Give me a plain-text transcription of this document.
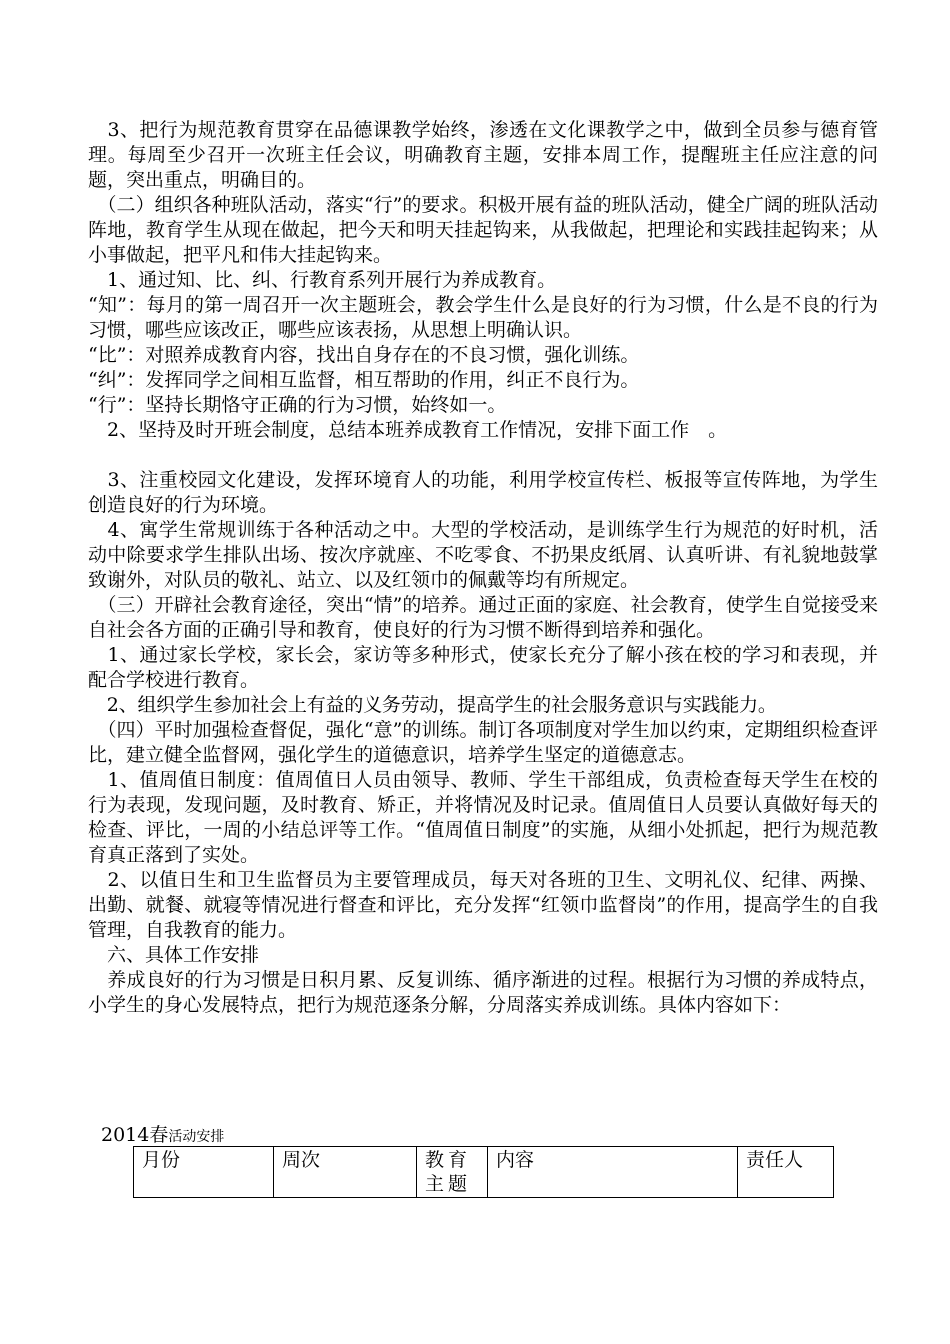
　3、把行为规范教育贯穿在品德课教学始终，渗透在文化课教学之中，做到全员参与德育管理。每周至少召开一次班主任会议，明确教育主题，安排本周工作，提醒班主任应注意的问题，突出重点，明确目的。

　（二）组织各种班队活动，落实“行”的要求。积极开展有益的班队活动，健全广阔的班队活动阵地，教育学生从现在做起，把今天和明天挂起钩来，从我做起，把理论和实践挂起钩来；从小事做起，把平凡和伟大挂起钩来。

　1、通过知、比、纠、行教育系列开展行为养成教育。

“知”：每月的第一周召开一次主题班会，教会学生什么是良好的行为习惯，什么是不良的行为习惯，哪些应该改正，哪些应该表扬，从思想上明确认识。

“比”：对照养成教育内容，找出自身存在的不良习惯，强化训练。

“纠”：发挥同学之间相互监督，相互帮助的作用，纠正不良行为。

“行”：坚持长期恪守正确的行为习惯，始终如一。

　2、坚持及时开班会制度，总结本班养成教育工作情况，安排下面工作　。

　3、注重校园文化建设，发挥环境育人的功能，利用学校宣传栏、板报等宣传阵地，为学生创造良好的行为环境。

　4、寓学生常规训练于各种活动之中。大型的学校活动，是训练学生行为规范的好时机，活动中除要求学生排队出场、按次序就座、不吃零食、不扔果皮纸屑、认真听讲、有礼貌地鼓掌致谢外，对队员的敬礼、站立、以及红领巾的佩戴等均有所规定。

　（三）开辟社会教育途径，突出“情”的培养。通过正面的家庭、社会教育，使学生自觉接受来自社会各方面的正确引导和教育，使良好的行为习惯不断得到培养和强化。

　1、通过家长学校，家长会，家访等多种形式，使家长充分了解小孩在校的学习和表现，并配合学校进行教育。

　2、组织学生参加社会上有益的义务劳动，提高学生的社会服务意识与实践能力。

　（四）平时加强检查督促，强化“意”的训练。制订各项制度对学生加以约束，定期组织检查评比，建立健全监督网，强化学生的道德意识，培养学生坚定的道德意志。

　1、值周值日制度：值周值日人员由领导、教师、学生干部组成，负责检查每天学生在校的行为表现，发现问题，及时教育、矫正，并将情况及时记录。值周值日人员要认真做好每天的检查、评比，一周的小结总评等工作。“值周值日制度”的实施，从细小处抓起，把行为规范教育真正落到了实处。

　2、以值日生和卫生监督员为主要管理成员，每天对各班的卫生、文明礼仪、纪律、两操、出勤、就餐、就寝等情况进行督查和评比，充分发挥“红领巾监督岗”的作用，提高学生的自我管理，自我教育的能力。

　六、具体工作安排

　养成良好的行为习惯是日积月累、反复训练、循序渐进的过程。根据行为习惯的养成特点，小学生的身心发展特点，把行为规范逐条分解，分周落实养成训练。具体内容如下：

2014春活动安排
月份	周次	教育主题	内容	责任人
